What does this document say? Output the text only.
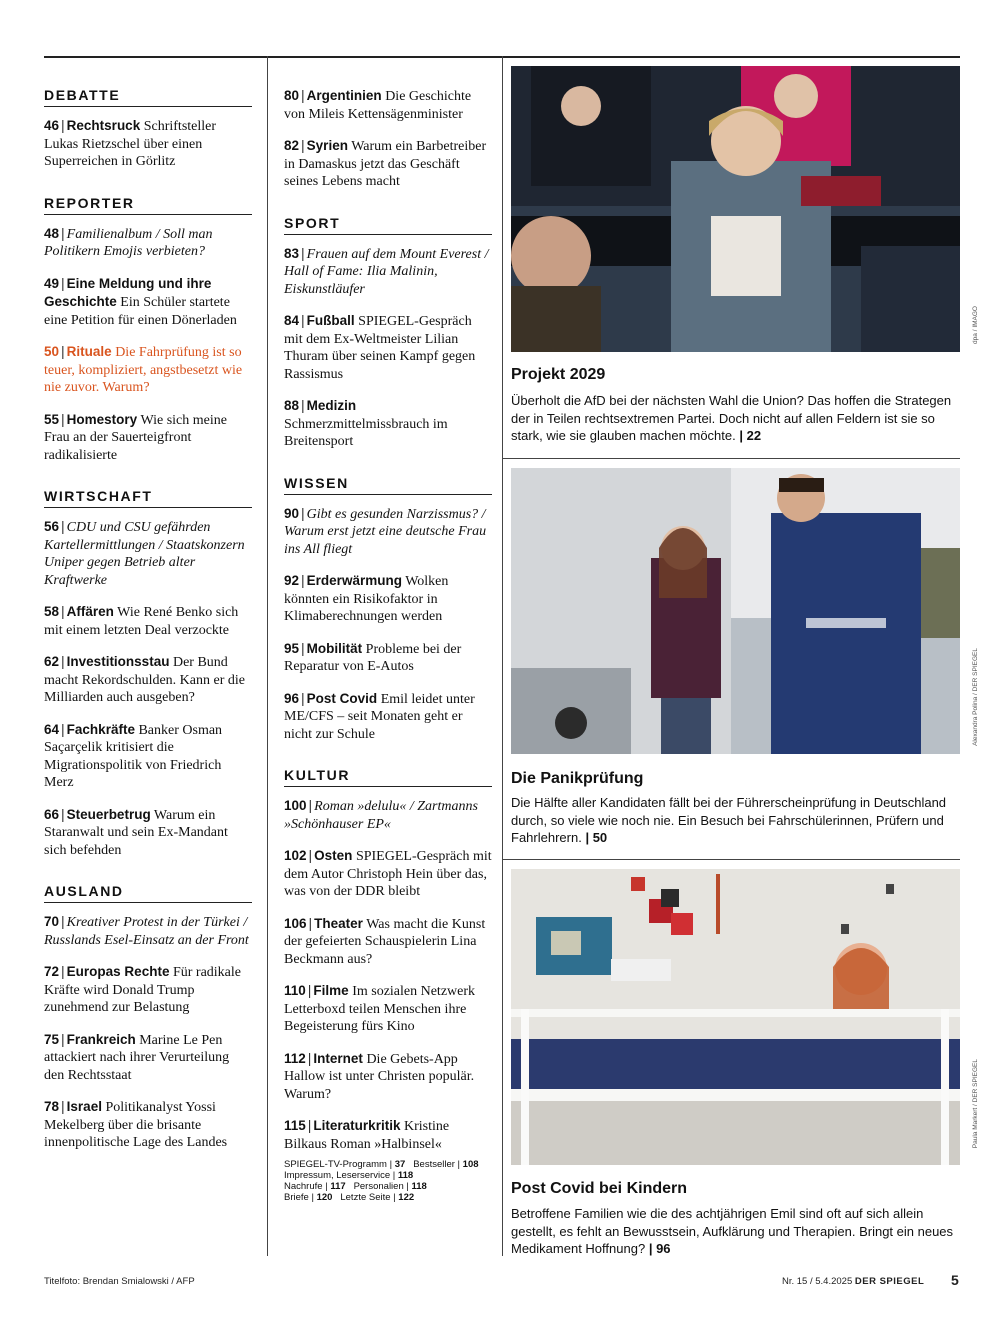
DEBATTE
46 | Rechtsruck Schriftsteller Lukas Rietzschel über einen Superreichen in Görlitz
REPORTER
48 | Familienalbum / Soll man Politikern Emojis verbieten?
49 | Eine Meldung und ihre Geschichte Ein Schüler startete eine Petition für einen Dönerladen
50 | Rituale Die Fahrprüfung ist so teuer, kompliziert, angstbesetzt wie nie zuvor. Warum?
55 | Homestory Wie sich meine Frau an der Sauerteigfront radikalisierte
WIRTSCHAFT
56 | CDU und CSU gefährden Kartellermittlungen / Staatskonzern Uniper gegen Betrieb alter Kraftwerke
58 | Affären Wie René Benko sich mit einem letzten Deal verzockte
62 | Investitionsstau Der Bund macht Rekordschulden. Kann er die Milliarden auch ausgeben?
64 | Fachkräfte Banker Osman Saçarçelik kritisiert die Migrationspolitik von Friedrich Merz
66 | Steuerbetrug Warum ein Staranwalt und sein Ex-Mandant sich befehden
AUSLAND
70 | Kreativer Protest in der Türkei / Russlands Esel-Einsatz an der Front
72 | Europas Rechte Für radikale Kräfte wird Donald Trump zunehmend zur Belastung
75 | Frankreich Marine Le Pen attackiert nach ihrer Verurteilung den Rechtsstaat
78 | Israel Politikanalyst Yossi Mekelberg über die brisante innenpolitische Lage des Landes
80 | Argentinien Die Geschichte von Mileis Kettensägenminister
82 | Syrien Warum ein Barbetreiber in Damaskus jetzt das Geschäft seines Lebens macht
SPORT
83 | Frauen auf dem Mount Everest / Hall of Fame: Ilia Malinin, Eiskunstläufer
84 | Fußball SPIEGEL-Gespräch mit dem Ex-Weltmeister Lilian Thuram über seinen Kampf gegen Rassismus
88 | Medizin Schmerzmittelmissbrauch im Breitensport
WISSEN
90 | Gibt es gesunden Narzissmus? / Warum erst jetzt eine deutsche Frau ins All fliegt
92 | Erderwärmung Wolken könnten ein Risikofaktor in Klimaberechnungen werden
95 | Mobilität Probleme bei der Reparatur von E-Autos
96 | Post Covid Emil leidet unter ME/CFS – seit Monaten geht er nicht zur Schule
KULTUR
100 | Roman »delulu« / Zartmanns »Schönhauser EP«
102 | Osten SPIEGEL-Gespräch mit dem Autor Christoph Hein über das, was von der DDR bleibt
106 | Theater Was macht die Kunst der gefeierten Schauspielerin Lina Beckmann aus?
110 | Filme Im sozialen Netzwerk Letterboxd teilen Menschen ihre Begeisterung fürs Kino
112 | Internet Die Gebets-App Hallow ist unter Christen populär. Warum?
115 | Literaturkritik Kristine Bilkaus Roman »Halbinsel«
SPIEGEL-TV-Programm | 37 Bestseller | 108
Impressum, Leserservice | 118
Nachrufe | 117 Personalien | 118
Briefe | 120 Letzte Seite | 122
dpa / IMAGO
Projekt 2029
Überholt die AfD bei der nächsten Wahl die Union? Das hoffen die Strategen der in Teilen rechtsextremen Partei. Doch nicht auf allen Feldern ist sie so stark, wie sie glauben machen möchte. | 22
Alexandra Polina / DER SPIEGEL
Die Panikprüfung
Die Hälfte aller Kandidaten fällt bei der Führerscheinprüfung in Deutschland durch, so viele wie noch nie. Ein Besuch bei Fahrschülerinnen, Prüfern und Fahrlehrern. | 50
Paula Markert / DER SPIEGEL
Post Covid bei Kindern
Betroffene Familien wie die des achtjährigen Emil sind oft auf sich allein gestellt, es fehlt an Bewusstsein, Aufklärung und Therapien. Bringt ein neues Medikament Hoffnung? | 96
Titelfoto: Brendan Smialowski / AFP	Nr. 15 / 5.4.2025 DER SPIEGEL 5
